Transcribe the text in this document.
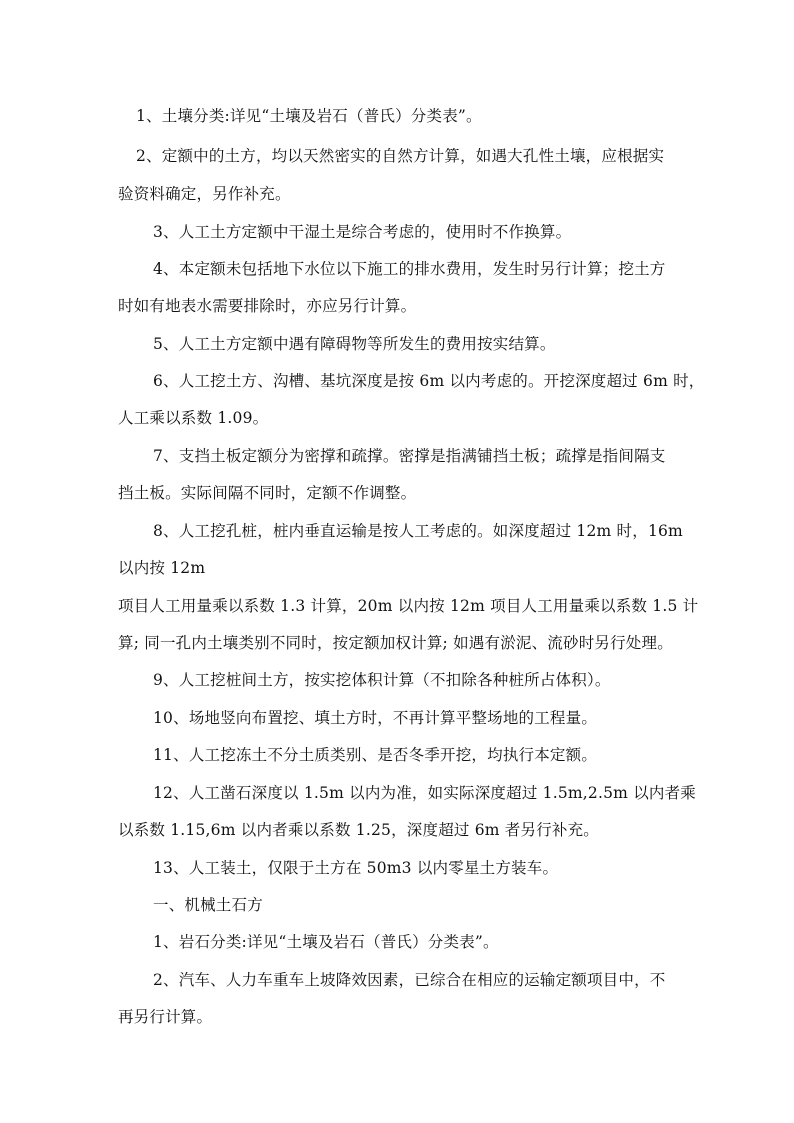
1、土壤分类:详见“土壤及岩石（普氏）分类表”。
2、定额中的土方，均以天然密实的自然方计算，如遇大孔性土壤，应根据实
验资料确定，另作补充。
3、人工土方定额中干湿土是综合考虑的，使用时不作换算。
4、本定额未包括地下水位以下施工的排水费用，发生时另行计算；挖土方
时如有地表水需要排除时，亦应另行计算。
5、人工土方定额中遇有障碍物等所发生的费用按实结算。
6、人工挖土方、沟槽、基坑深度是按 6m 以内考虑的。开挖深度超过 6m 时，
人工乘以系数 1.09。
7、支挡土板定额分为密撑和疏撑。密撑是指满铺挡土板；疏撑是指间隔支
挡土板。实际间隔不同时，定额不作调整。
8、人工挖孔桩，桩内垂直运输是按人工考虑的。如深度超过 12m 时，16m
以内按 12m
项目人工用量乘以系数 1.3 计算，20m 以内按 12m 项目人工用量乘以系数 1.5 计
算; 同一孔内土壤类别不同时，按定额加权计算; 如遇有淤泥、流砂时另行处理。
9、人工挖桩间土方，按实挖体积计算（不扣除各种桩所占体积）。
10、场地竖向布置挖、填土方时，不再计算平整场地的工程量。
11、人工挖冻土不分土质类别、是否冬季开挖，均执行本定额。
12、人工凿石深度以 1.5m 以内为准，如实际深度超过 1.5m,2.5m 以内者乘
以系数 1.15,6m 以内者乘以系数 1.25，深度超过 6m 者另行补充。
13、人工装土，仅限于土方在 50m3 以内零星土方装车。
一、机械土石方
1、岩石分类:详见“土壤及岩石（普氏）分类表”。
2、汽车、人力车重车上坡降效因素，已综合在相应的运输定额项目中，不
再另行计算。
